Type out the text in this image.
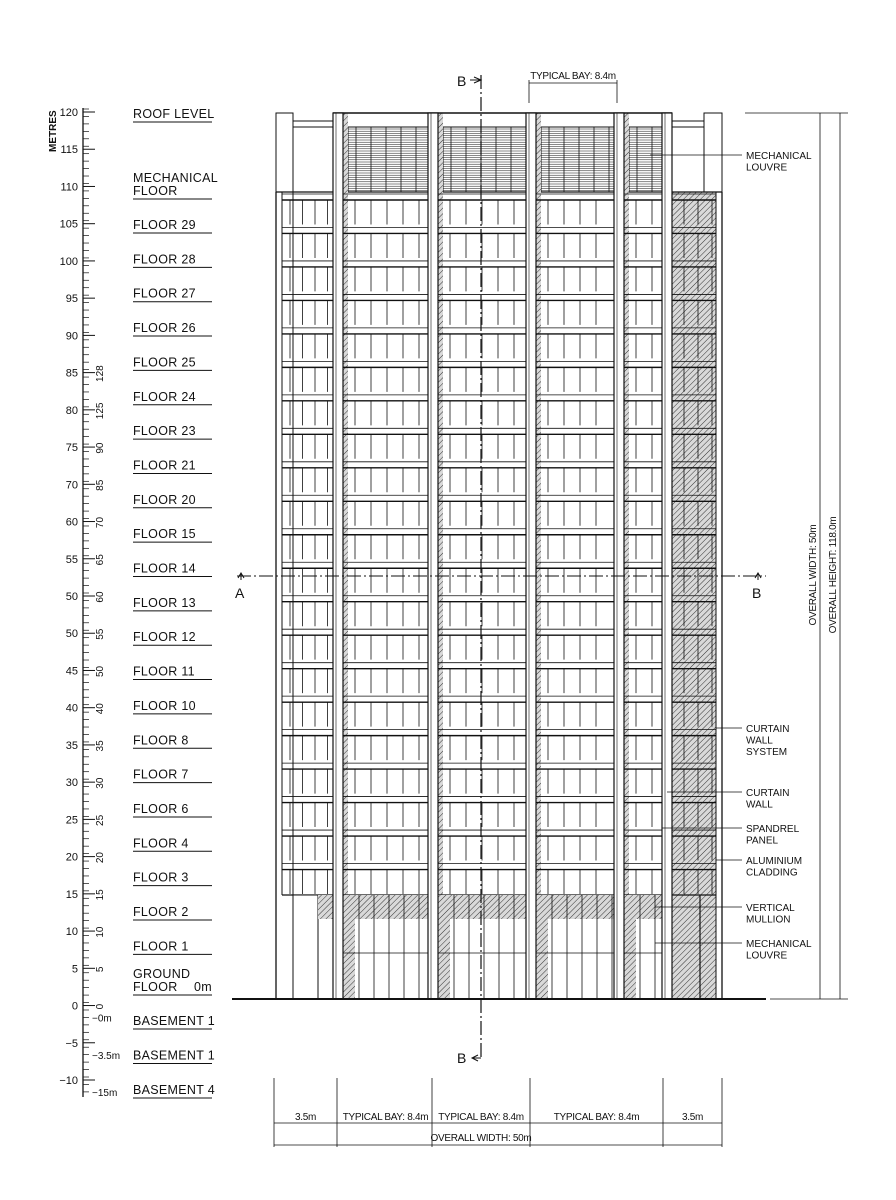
METRES 120
115
110
105
100
95
90
85
80
75
70
60
55
50
50
45
40
35
30
25
20
15
10
5
0
−5
−10
128
125
90
85
70
65
60
55
50
40
35
30
25
20
15
10
5
0
−0m
−3.5m
−15m
ROOF LEVEL
MECHANICAL
FLOOR
FLOOR 29
FLOOR 28
FLOOR 27
FLOOR 26
FLOOR 25
FLOOR 24
FLOOR 23
FLOOR 21
FLOOR 20
FLOOR 15
FLOOR 14
FLOOR 13
FLOOR 12
FLOOR 11
FLOOR 10
FLOOR 8
FLOOR 7
FLOOR 6
FLOOR 4
FLOOR 3
FLOOR 2
FLOOR 1
GROUND
FLOOR 0m
BASEMENT 1
BASEMENT 1
BASEMENT 4
B
B
A	B
MECHANICAL
LOUVRE
CURTAIN
WALL
SYSTEM
CURTAIN
WALL
SPANDREL
PANEL
ALUMINIUM
CLADDING
VERTICAL
MULLION
MECHANICAL
LOUVRE
TYPICAL BAY: 8.4m
3.5m	TYPICAL BAY: 8.4m TYPICAL BAY: 8.4m	TYPICAL BAY: 8.4m	3.5m
OVERALL WIDTH: 50m
OVERALL WIDTH: 50m OVERALL HEIGHT: 118.0m
